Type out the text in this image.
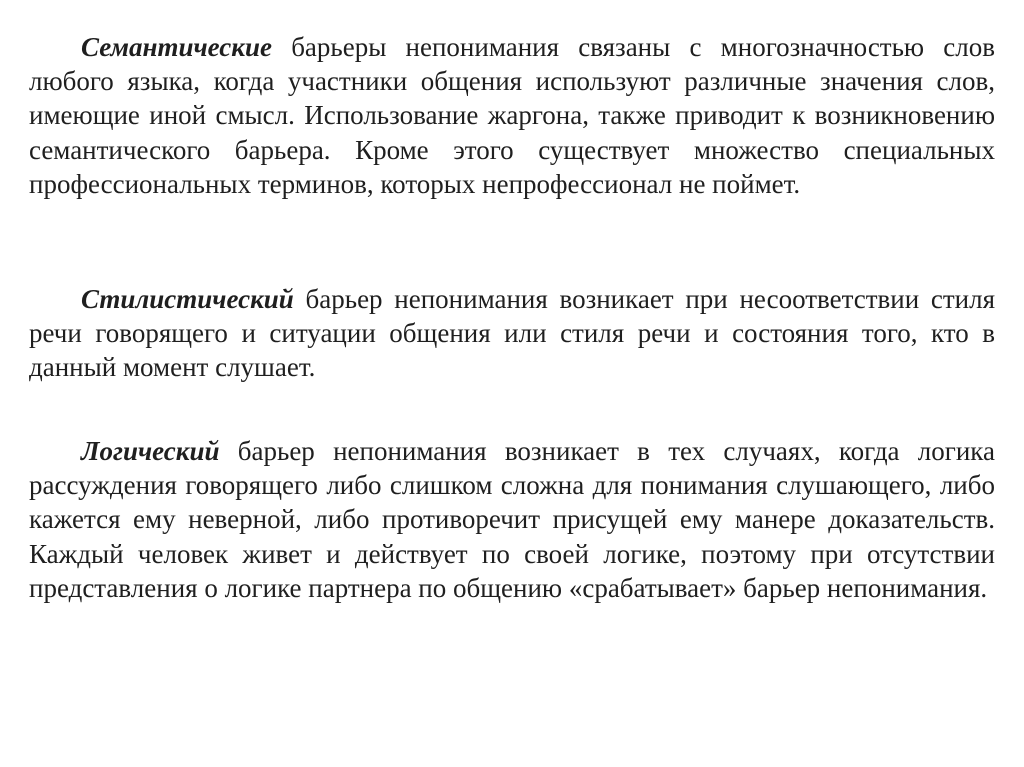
Семантические барьеры непонимания связаны с многозначностью слов любого языка, когда участники общения используют различные значения слов, имеющие иной смысл. Использование жаргона, также приводит к возникновению семантического барьера. Кроме этого существует множество специальных профессиональных терминов, которых непрофессионал не поймет.

Стилистический барьер непонимания возникает при несоответствии стиля речи говорящего и ситуации общения или стиля речи и состояния того, кто в данный момент слушает.

Логический барьер непонимания возникает в тех случаях, когда логика рассуждения говорящего либо слишком сложна для понимания слушающего, либо кажется ему неверной, либо противоречит присущей ему манере доказательств. Каждый человек живет и действует по своей логике, поэтому при отсутствии представления о логике партнера по общению «срабатывает» барьер непонимания.
